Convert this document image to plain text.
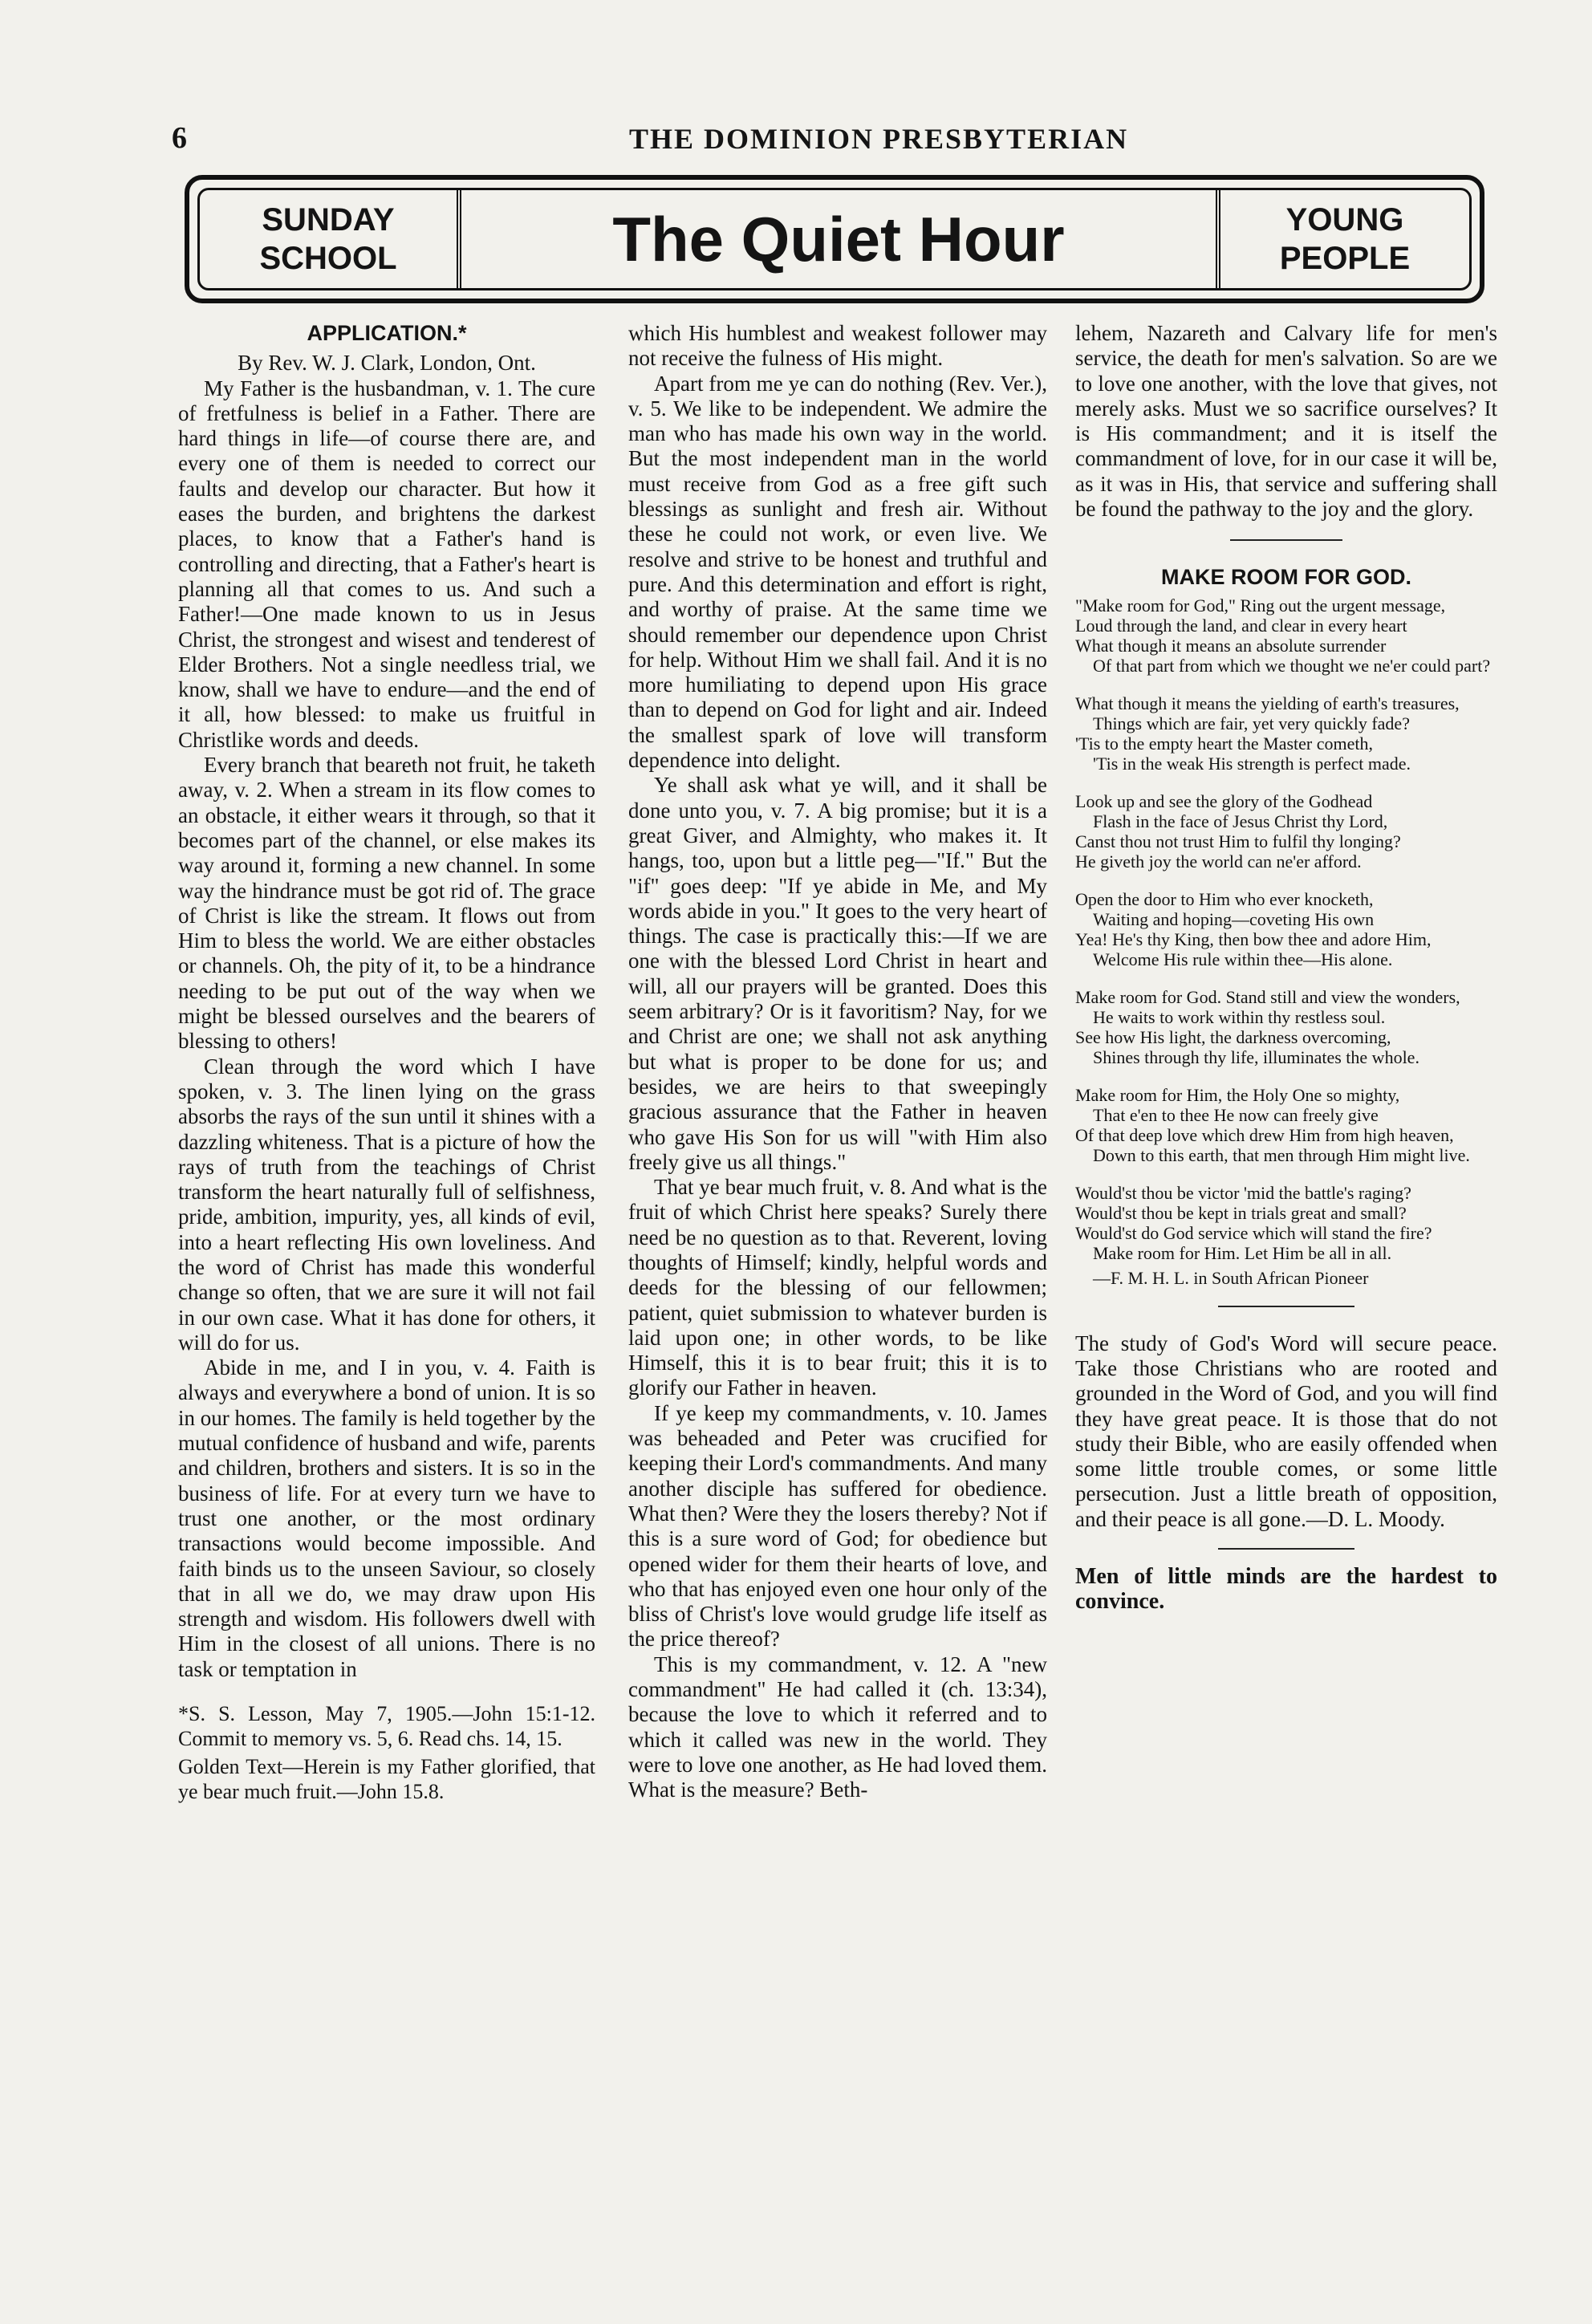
6	THE DOMINION PRESBYTERIAN
SUNDAY
SCHOOL	The Quiet Hour	YOUNG
PEOPLE
APPLICATION.*

By Rev. W. J. Clark, London, Ont.

My Father is the husbandman, v. 1. The cure of fretfulness is belief in a Father. There are hard things in life—of course there are, and every one of them is needed to correct our faults and develop our character. But how it eases the burden, and brightens the darkest places, to know that a Father's hand is controlling and directing, that a Father's heart is planning all that comes to us. And such a Father!—One made known to us in Jesus Christ, the strongest and wisest and tenderest of Elder Brothers. Not a single needless trial, we know, shall we have to endure—and the end of it all, how blessed: to make us fruitful in Christlike words and deeds.

Every branch that beareth not fruit, he taketh away, v. 2. When a stream in its flow comes to an obstacle, it either wears it through, so that it becomes part of the channel, or else makes its way around it, forming a new channel. In some way the hindrance must be got rid of. The grace of Christ is like the stream. It flows out from Him to bless the world. We are either obstacles or channels. Oh, the pity of it, to be a hindrance needing to be put out of the way when we might be blessed ourselves and the bearers of blessing to others!

Clean through the word which I have spoken, v. 3. The linen lying on the grass absorbs the rays of the sun until it shines with a dazzling whiteness. That is a picture of how the rays of truth from the teachings of Christ transform the heart naturally full of selfishness, pride, ambition, impurity, yes, all kinds of evil, into a heart reflecting His own loveliness. And the word of Christ has made this wonderful change so often, that we are sure it will not fail in our own case. What it has done for others, it will do for us.

Abide in me, and I in you, v. 4. Faith is always and everywhere a bond of union. It is so in our homes. The family is held together by the mutual confidence of husband and wife, parents and children, brothers and sisters. It is so in the business of life. For at every turn we have to trust one another, or the most ordinary transactions would become impossible. And faith binds us to the unseen Saviour, so closely that in all we do, we may draw upon His strength and wisdom. His followers dwell with Him in the closest of all unions. There is no task or temptation in

*S. S. Lesson, May 7, 1905.—John 15:1-12. Commit to memory vs. 5, 6. Read chs. 14, 15.

Golden Text—Herein is my Father glorified, that ye bear much fruit.—John 15.8.

which His humblest and weakest follower may not receive the fulness of His might.

Apart from me ye can do nothing (Rev. Ver.), v. 5. We like to be independent. We admire the man who has made his own way in the world. But the most independent man in the world must receive from God as a free gift such blessings as sunlight and fresh air. Without these he could not work, or even live. We resolve and strive to be honest and truthful and pure. And this determination and effort is right, and worthy of praise. At the same time we should remember our dependence upon Christ for help. Without Him we shall fail. And it is no more humiliating to depend upon His grace than to depend on God for light and air. Indeed the smallest spark of love will transform dependence into delight.

Ye shall ask what ye will, and it shall be done unto you, v. 7. A big promise; but it is a great Giver, and Almighty, who makes it. It hangs, too, upon but a little peg—"If." But the "if" goes deep: "If ye abide in Me, and My words abide in you." It goes to the very heart of things. The case is practically this:—If we are one with the blessed Lord Christ in heart and will, all our prayers will be granted. Does this seem arbitrary? Or is it favoritism? Nay, for we and Christ are one; we shall not ask anything but what is proper to be done for us; and besides, we are heirs to that sweepingly gracious assurance that the Father in heaven who gave His Son for us will "with Him also freely give us all things."

That ye bear much fruit, v. 8. And what is the fruit of which Christ here speaks? Surely there need be no question as to that. Reverent, loving thoughts of Himself; kindly, helpful words and deeds for the blessing of our fellowmen; patient, quiet submission to whatever burden is laid upon one; in other words, to be like Himself, this it is to bear fruit; this it is to glorify our Father in heaven.

If ye keep my commandments, v. 10. James was beheaded and Peter was crucified for keeping their Lord's commandments. And many another disciple has suffered for obedience. What then? Were they the losers thereby? Not if this is a sure word of God; for obedience but opened wider for them their hearts of love, and who that has enjoyed even one hour only of the bliss of Christ's love would grudge life itself as the price thereof?

This is my commandment, v. 12. A "new commandment" He had called it (ch. 13:34), because the love to which it referred and to which it called was new in the world. They were to love one another, as He had loved them. What is the measure? Beth-

lehem, Nazareth and Calvary life for men's service, the death for men's salvation. So are we to love one another, with the love that gives, not merely asks. Must we so sacrifice ourselves? It is His commandment; and it is itself the commandment of love, for in our case it will be, as it was in His, that service and suffering shall be found the pathway to the joy and the glory.

MAKE ROOM FOR GOD.
"Make room for God," Ring out the urgent message,
Loud through the land, and clear in every heart
What though it means an absolute surrender
Of that part from which we thought we ne'er could part?
What though it means the yielding of earth's treasures,
Things which are fair, yet very quickly fade?
'Tis to the empty heart the Master cometh,
'Tis in the weak His strength is perfect made.
Look up and see the glory of the Godhead
Flash in the face of Jesus Christ thy Lord,
Canst thou not trust Him to fulfil thy longing?
He giveth joy the world can ne'er afford.
Open the door to Him who ever knocketh,
Waiting and hoping—coveting His own
Yea! He's thy King, then bow thee and adore Him,
Welcome His rule within thee—His alone.
Make room for God. Stand still and view the wonders,
He waits to work within thy restless soul.
See how His light, the darkness overcoming,
Shines through thy life, illuminates the whole.
Make room for Him, the Holy One so mighty,
That e'en to thee He now can freely give
Of that deep love which drew Him from high heaven,
Down to this earth, that men through Him might live.
Would'st thou be victor 'mid the battle's raging?
Would'st thou be kept in trials great and small?
Would'st do God service which will stand the fire?
Make room for Him. Let Him be all in all.
—F. M. H. L. in South African Pioneer

The study of God's Word will secure peace. Take those Christians who are rooted and grounded in the Word of God, and you will find they have great peace. It is those that do not study their Bible, who are easily offended when some little trouble comes, or some little persecution. Just a little breath of opposition, and their peace is all gone.—D. L. Moody.

Men of little minds are the hardest to convince.
